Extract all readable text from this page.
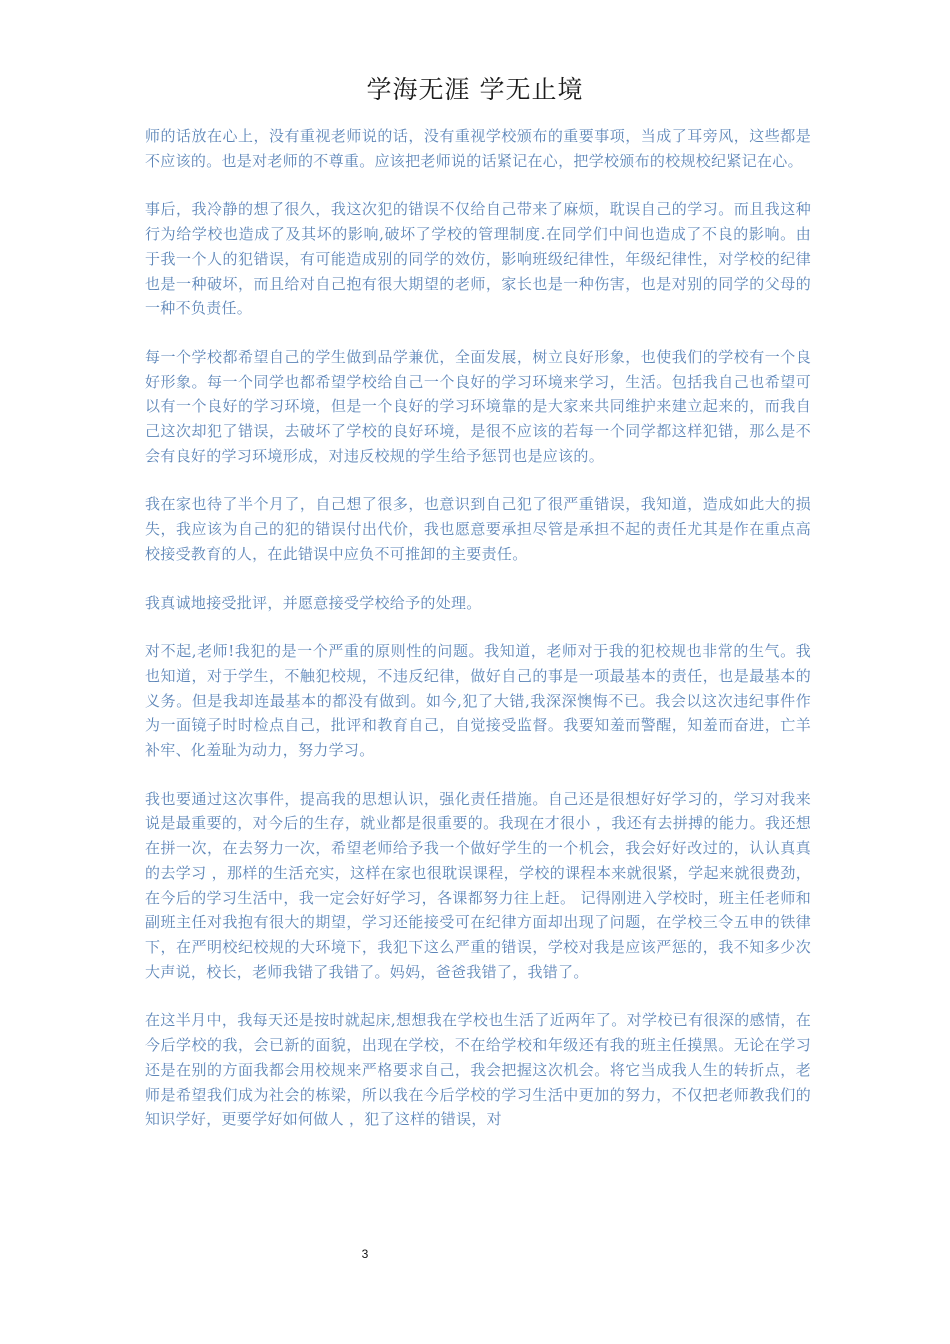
学海无涯 学无止境

师的话放在心上，没有重视老师说的话，没有重视学校颁布的重要事项，当成了耳旁风，这些都是不应该的。也是对老师的不尊重。应该把老师说的话紧记在心，把学校颁布的校规校纪紧记在心。

事后，我冷静的想了很久，我这次犯的错误不仅给自己带来了麻烦，耽误自己的学习。而且我这种行为给学校也造成了及其坏的影响,破坏了学校的管理制度.在同学们中间也造成了不良的影响。由于我一个人的犯错误，有可能造成别的同学的效仿，影响班级纪律性，年级纪律性，对学校的纪律也是一种破坏，而且给对自己抱有很大期望的老师，家长也是一种伤害，也是对别的同学的父母的一种不负责任。

每一个学校都希望自己的学生做到品学兼优，全面发展，树立良好形象，也使我们的学校有一个良好形象。每一个同学也都希望学校给自己一个良好的学习环境来学习，生活。包括我自己也希望可以有一个良好的学习环境，但是一个良好的学习环境靠的是大家来共同维护来建立起来的，而我自己这次却犯了错误，去破坏了学校的良好环境，是很不应该的若每一个同学都这样犯错，那么是不会有良好的学习环境形成，对违反校规的学生给予惩罚也是应该的。

我在家也待了半个月了，自己想了很多，也意识到自己犯了很严重错误，我知道，造成如此大的损失，我应该为自己的犯的错误付出代价，我也愿意要承担尽管是承担不起的责任尤其是作在重点高校接受教育的人，在此错误中应负不可推卸的主要责任。

我真诚地接受批评，并愿意接受学校给予的处理。

对不起,老师!我犯的是一个严重的原则性的问题。我知道，老师对于我的犯校规也非常的生气。我也知道，对于学生，不触犯校规，不违反纪律，做好自己的事是一项最基本的责任，也是最基本的义务。但是我却连最基本的都没有做到。如今,犯了大错,我深深懊悔不已。我会以这次违纪事件作为一面镜子时时检点自己，批评和教育自己，自觉接受监督。我要知羞而警醒，知羞而奋进，亡羊补牢、化羞耻为动力，努力学习。

我也要通过这次事件，提高我的思想认识，强化责任措施。自己还是很想好好学习的，学习对我来说是最重要的，对今后的生存，就业都是很重要的。我现在才很小 ，我还有去拼搏的能力。我还想在拼一次，在去努力一次，希望老师给予我一个做好学生的一个机会，我会好好改过的，认认真真的去学习 ，那样的生活充实，这样在家也很耽误课程，学校的课程本来就很紧，学起来就很费劲，在今后的学习生活中，我一定会好好学习，各课都努力往上赶。 记得刚进入学校时，班主任老师和副班主任对我抱有很大的期望，学习还能接受可在纪律方面却出现了问题，在学校三令五申的铁律下，在严明校纪校规的大环境下，我犯下这么严重的错误，学校对我是应该严惩的，我不知多少次大声说，校长，老师我错了我错了。妈妈，爸爸我错了，我错了。

在这半月中，我每天还是按时就起床,想想我在学校也生活了近两年了。对学校已有很深的感情，在今后学校的我，会已新的面貌，出现在学校，不在给学校和年级还有我的班主任摸黑。无论在学习还是在别的方面我都会用校规来严格要求自己，我会把握这次机会。将它当成我人生的转折点，老师是希望我们成为社会的栋梁，所以我在今后学校的学习生活中更加的努力，不仅把老师教我们的知识学好，更要学好如何做人 ，犯了这样的错误，对

3
